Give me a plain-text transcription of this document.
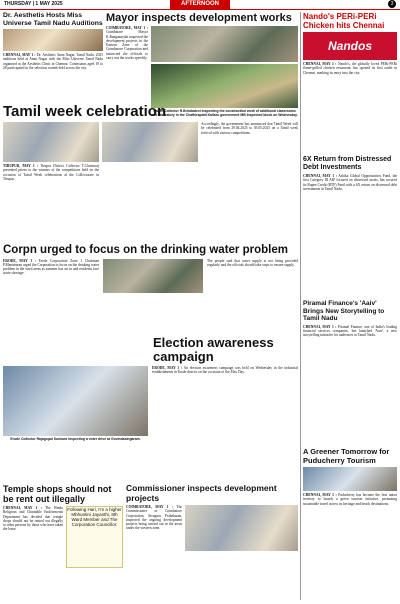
THURSDAY | 1 MAY 2025	AFTERNOON	3
Dr. Aesthetis Hosts Miss Universe Tamil Nadu Auditions
CHENNAI, MAY 1 : Dr. Aesthetis Anna Nagar, Tamil Nadu, 2025 auditions held at Anna Nagar with the Miss Universe Tamil Nadu organised at the Aesthetis Clinic in Chennai. Contestants aged 18 to 28 participated in the selection rounds held across the city.
Mayor inspects development works
COIMBATORE, MAY 1 : Coimbatore Mayor K.Ranganayaki inspected the development projects in the Eastern Zone of the Coimbatore Corporation and instructed the officials to carry out the works speedily.
Salem Collector R.Brindadevi inspecting the construction work of additional classrooms and laboratory in the Chathirapatti Kallaru government MB Inspected block on Wednesday.
Tamil week celebration
Accordingly, the government has announced that Tamil Week will be celebrated from 29.04.2025 to 05.05.2025 on a Tamil week festival with various competitions.
TIRUPUR, MAY 1 : Tirupur District Collector T.Christuraj presented prizes to the winners of the competitions held on the occasion of Tamil Week celebrations at the Collectorate in Tirupur.
Corpn urged to focus on the drinking water problem
ERODE, MAY 1 : Erode Corporation Zone 1 Chairman P.Manimaran urged the Corporation to focus on the drinking water problem in the ward areas as summer has set in and residents face acute shortage.
The people said that water supply is not being provided regularly and the officials should take steps to ensure supply.
Election awareness campaign
Erode Collector Rajagopal Sunkara inspecting a voter drive at Govindasingaram.
ERODE, MAY 1 : An election awareness campaign was held on Wednesday in the industrial establishments in Erode district on the occasion of the May Day.
Temple shops should not be rent out illegally
CHENNAI, MAY 1 : The Hindu Religious and Charitable Endowments Department has decided that temple shops should not be rented out illegally to other persons by those who have taken the lease.
Following Hari, I'm a higher Mbhuntini Jayanthi, 8th Ward Member and The Corporation Councillor.
Commissioner inspects development projects
COIMBATORE, MAY 1 : The Commissioner of Coimbatore Corporation, Sivaguru Prabakaran, inspected the ongoing development projects being carried out in the areas under the western zone.
Nando's PERi-PERi Chicken hits Chennai
Nandos
CHENNAI, MAY 1 : Nando's, the globally loved PERi-PERi flame-grilled chicken restaurant, has opened its first outlet in Chennai, marking its entry into the city.
6X Return from Distressed Debt Investments
CHENNAI, MAY 1 : Ashika Global Opportunities Fund, the first Category III AIF focused on distressed assets, has secured its Rupee Credit (RTF) Fund with a 6X return on distressed debt investments in Tamil Nadu.
Piramal Finance's 'Aaiv' Brings New Storytelling to Tamil Nadu
CHENNAI, MAY 1 : Piramal Finance, one of India's leading financial services companies, has launched 'Aaiv', a new storytelling initiative for audiences in Tamil Nadu.
A Greener Tomorrow for Puducherry Tourism
CHENNAI, MAY 1 : Puducherry has become the first union territory to launch a green tourism initiative, promoting sustainable travel across its heritage and beach destinations.
